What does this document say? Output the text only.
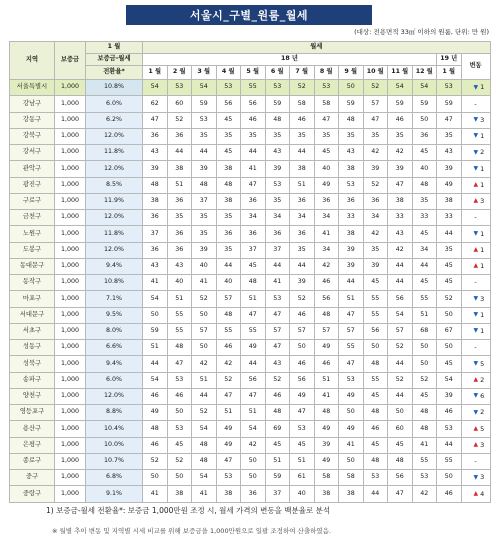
서울시_구별_원룸_월세
(대상: 전용면적 33㎡ 이하의 원룸, 단위: 만 원)
지역	보증금	1 월	월세													
		보증금-월세	18 년												19 년	변동
		전환율*	1 월	2 월	3 월	4 월	5 월	6 월	7 월	8 월	9 월	10 월	11 월	12 월	1 월	
서울특별시	1,000	10.8%	54	53	54	53	55	53	52	53	50	52	54	54	53	▼ 1

강남구	1,000	6.0%	62	60	59	56	56	59	58	58	59	57	59	59	59	-

강동구	1,000	6.2%	47	52	53	45	46	48	46	47	48	47	46	50	47	▼ 3

강북구	1,000	12.0%	36	36	35	35	35	35	35	35	35	35	35	36	35	▼ 1

강서구	1,000	11.8%	43	44	44	45	44	43	44	45	43	42	42	45	43	▼ 2

관악구	1,000	12.0%	39	38	39	38	41	39	38	40	38	39	39	40	39	▼ 1

광진구	1,000	8.5%	48	51	48	48	47	53	51	49	53	52	47	48	49	▲ 1

구로구	1,000	11.9%	38	36	37	38	36	35	36	36	36	36	38	35	38	▲ 3

금천구	1,000	12.0%	36	35	35	35	34	34	34	34	33	34	33	33	33	-

노원구	1,000	11.8%	37	36	35	36	36	36	36	41	38	42	43	45	44	▼ 1

도봉구	1,000	12.0%	36	36	39	35	37	37	35	34	39	35	42	34	35	▲ 1

동대문구	1,000	9.4%	43	43	40	44	45	44	44	42	39	39	44	44	45	▲ 1

동작구	1,000	10.8%	41	40	41	40	48	41	39	46	44	45	44	45	45	-

마포구	1,000	7.1%	54	51	52	57	51	53	52	56	51	55	56	55	52	▼ 3

서대문구	1,000	9.5%	50	55	50	48	47	47	46	48	47	55	54	51	50	▼ 1

서초구	1,000	8.0%	59	55	57	55	55	57	57	57	57	56	57	68	67	▼ 1

성동구	1,000	6.6%	51	48	50	46	49	47	50	49	55	50	52	50	50	-

성북구	1,000	9.4%	44	47	42	42	44	43	46	46	47	48	44	50	45	▼ 5

송파구	1,000	6.0%	54	53	51	52	56	52	56	51	53	55	52	52	54	▲ 2

양천구	1,000	12.0%	46	46	44	47	47	46	49	41	49	45	44	45	39	▼ 6

영등포구	1,000	8.8%	49	50	52	51	51	48	47	48	50	48	50	48	46	▼ 2

용산구	1,000	10.4%	48	53	54	49	54	69	53	49	49	46	60	48	53	▲ 5

은평구	1,000	10.0%	46	45	48	49	42	45	45	39	41	45	45	41	44	▲ 3

종로구	1,000	10.7%	52	52	48	47	50	51	51	49	50	48	48	55	55	-

중구	1,000	6.8%	50	50	54	53	50	59	61	58	58	53	56	53	50	▼ 3

중랑구	1,000	9.1%	41	38	41	38	36	37	40	38	38	44	47	42	46	▲ 4
1) 보증금-월세 전환율*: 보증금 1,000만원 조정 시, 월세 가격의 변동을 백분율로 분석
※ 월별 추이 변동 및 지역별 시세 비교를 위해 보증금을 1,000만원으로 일괄 조정하여 산출하였음.
